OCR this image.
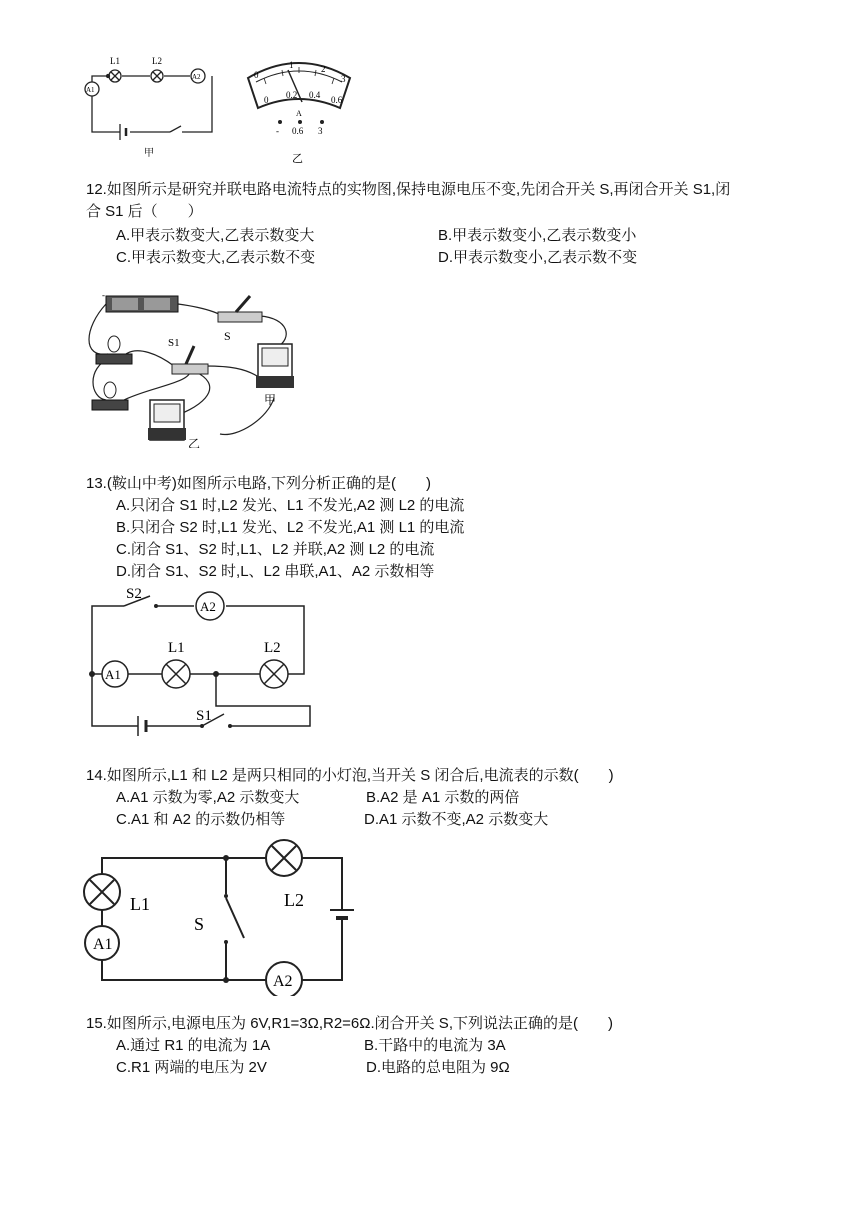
L1	L2
A2
A1
甲
0
1	2
3
0 0.2 0.4 0.6
A
- 0.6 3
乙
12.如图所示是研究并联电路电流特点的实物图,保持电源电压不变,先闭合开关 S,再闭合开关 S1,闭
合 S1 后（　　）
A.甲表示数变大,乙表示数变大	B.甲表示数变小,乙表示数变小
C.甲表示数变大,乙表示数不变	D.甲表示数变小,乙表示数不变
-
S
S1
甲
乙
13.(鞍山中考)如图所示电路,下列分析正确的是(　　)
A.只闭合 S1 时,L2 发光、L1 不发光,A2 测 L2 的电流
B.只闭合 S2 时,L1 发光、L2 不发光,A1 测 L1 的电流
C.闭合 S1、S2 时,L1、L2 并联,A2 测 L2 的电流
D.闭合 S1、S2 时,L、L2 串联,A1、A2 示数相等
S2
A2
A1
L1	L2
S1
14.如图所示,L1 和 L2 是两只相同的小灯泡,当开关 S 闭合后,电流表的示数(　　)
A.A1 示数为零,A2 示数变大	B.A2 是 A1 示数的两倍
C.A1 和 A2 的示数仍相等	D.A1 示数不变,A2 示数变大
L1
A1
S
L2
A2
15.如图所示,电源电压为 6V,R1=3Ω,R2=6Ω.闭合开关 S,下列说法正确的是(　　)
A.通过 R1 的电流为 1A	B.干路中的电流为 3A
C.R1 两端的电压为 2V	D.电路的总电阻为 9Ω
